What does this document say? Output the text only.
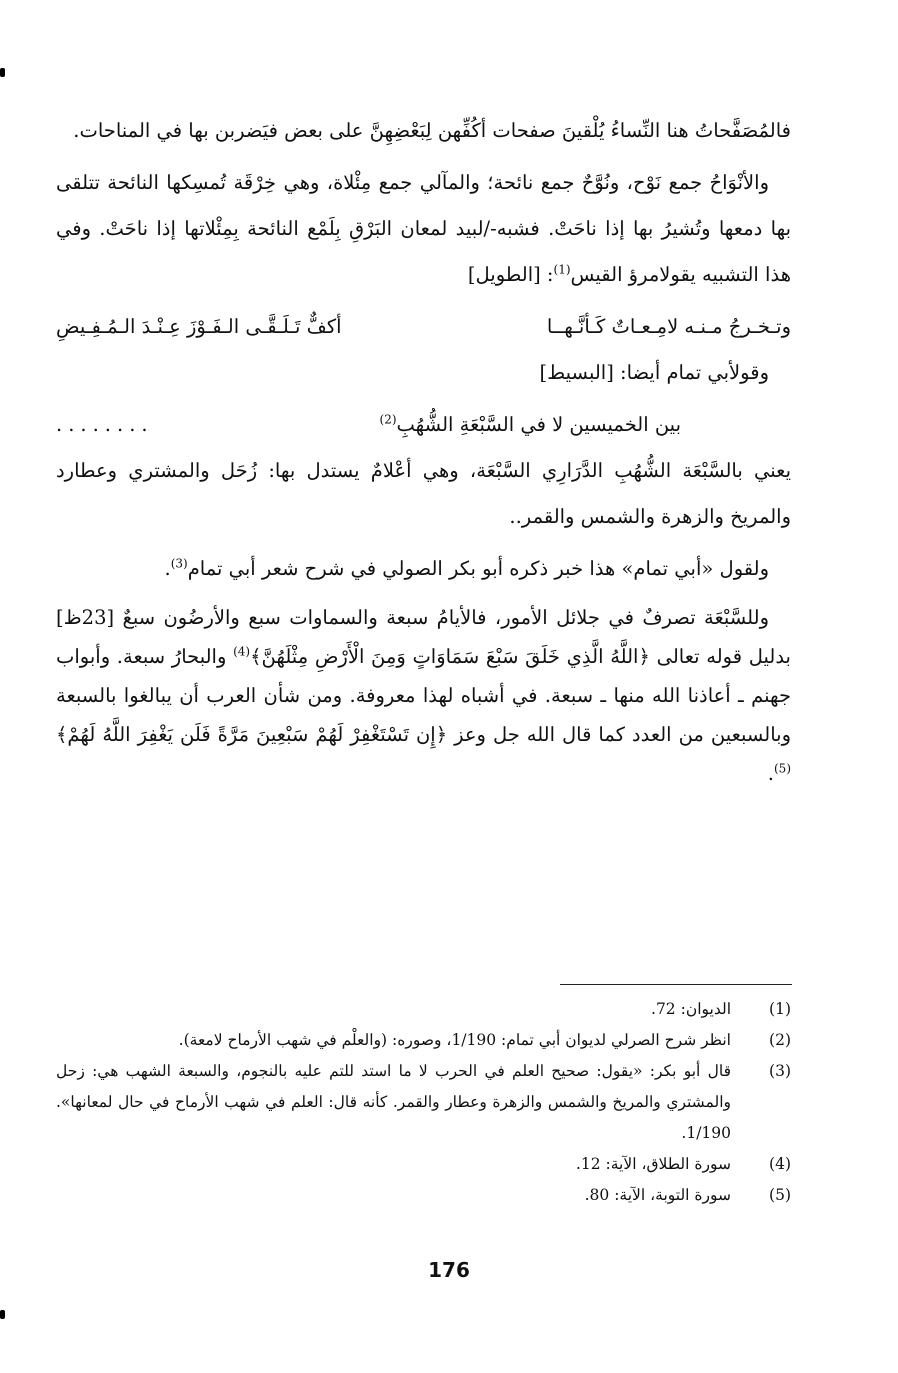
فالمُصَفَّحاتُ هنا النِّساءُ يُلْقينَ صفحات أكُفِّهن لِبَعْضِهِنَّ على بعض فيَضربن بها في المناحات.

والأنْوَاحُ جمع نَوْح، ونُوَّحٌ جمع نائحة؛ والمآلي جمع مِئْلاة، وهي خِرْقَة تُمسِكها النائحة تتلقى بها دمعها وتُشيرُ بها إذا ناحَتْ. فشبه-/لبيد لمعان البَرْقِ بِلَمْع النائحة بِمِئْلاتها إذا ناحَتْ. وفي هذا التشبيه يقولامرؤ القيس$^{(1)}$: [الطويل]

وتـخـرجُ مـنـه لامِـعـاتٌ كَـأنَّـهــا
أكفٌّ تَـلَـقَّـى الـفَـوْزَ عِـنْـدَ الـمُـفِـيضِ

وقولأبي تمام أيضا: [البسيط]

بين الخميسين لا في السَّبْعَةِ الشُّهُبِ$^{(2)}$
........

يعني بالسَّبْعَة الشُّهُبِ الدَّرَارِي السَّبْعَة، وهي أعْلامٌ يستدل بها: زُحَل والمشتري وعطارد والمريخ والزهرة والشمس والقمر..

ولقول «أبي تمام» هذا خبر ذكره أبو بكر الصولي في شرح شعر أبي تمام$^{(3)}$.

وللسَّبْعَة تصرفٌ في جلائل الأمور، فالأيامُ سبعة والسماوات سبع والأرضُون سبعٌ [23ظ] بدليل قوله تعالى ﴿اللَّهُ الَّذِي خَلَقَ سَبْعَ سَمَاوَاتٍ وَمِنَ الْأَرْضِ مِثْلَهُنَّ﴾$^{(4)}$ والبحارُ سبعة. وأبواب جهنم ـ أعاذنا الله منها ـ سبعة. في أشباه لهذا معروفة. ومن شأن العرب أن يبالغوا بالسبعة وبالسبعين من العدد كما قال الله جل وعز ﴿إِن تَسْتَغْفِرْ لَهُمْ سَبْعِينَ مَرَّةً فَلَن يَغْفِرَ اللَّهُ لَهُمْ﴾$^{(5)}$.

(1)
الديوان: 72.
(2)
انظر شرح الصرلي لديوان أبي تمام: 1/190، وصوره: (والعلْم في شهب الأرماح لامعة).
(3)
قال أبو بكر: «يقول: صحيح العلم في الحرب لا ما استد للتم عليه بالنجوم، والسبعة الشهب هي: زحل والمشتري والمريخ والشمس والزهرة وعطار والقمر. كأنه قال: العلم في شهب الأرماح في حال لمعانها». 1/190.
(4)
سورة الطلاق، الآية: 12.
(5)
سورة التوبة، الآية: 80.
176
